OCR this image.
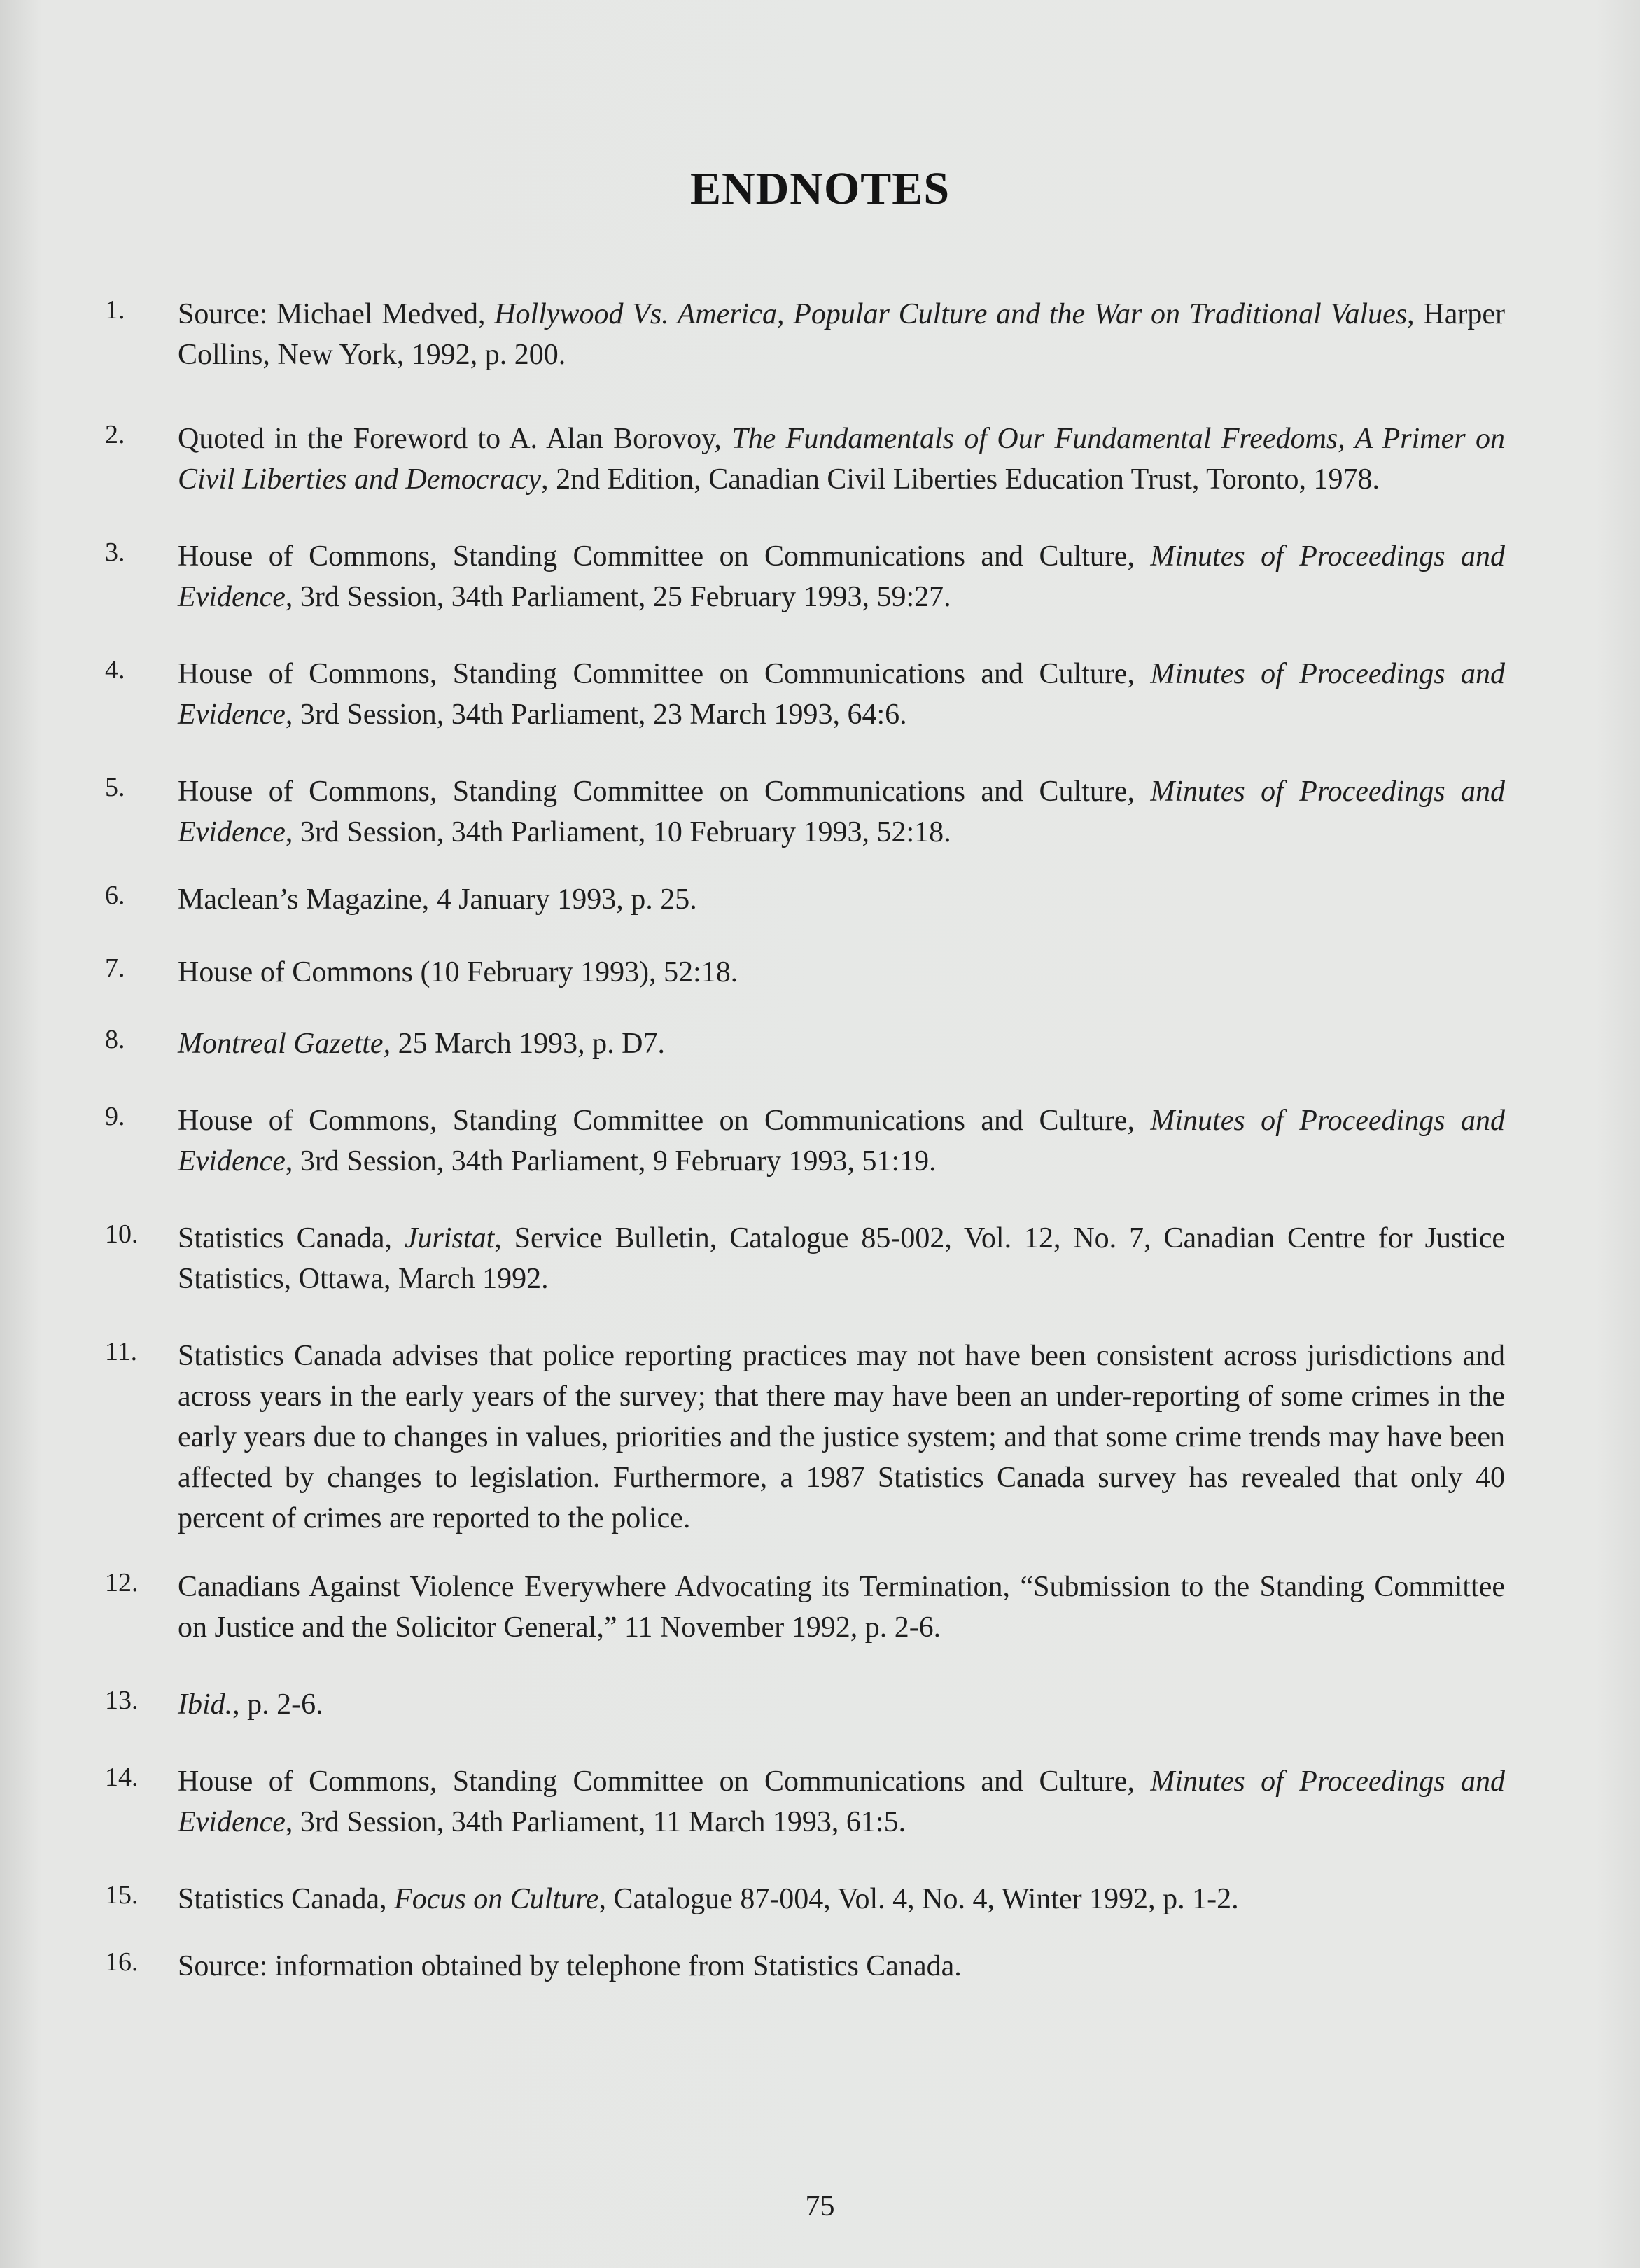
ENDNOTES
1. Source: Michael Medved, Hollywood Vs. America, Popular Culture and the War on Traditional Values, Harper Collins, New York, 1992, p. 200.
2. Quoted in the Foreword to A. Alan Borovoy, The Fundamentals of Our Fundamental Freedoms, A Primer on Civil Liberties and Democracy, 2nd Edition, Canadian Civil Liberties Education Trust, Toronto, 1978.
3. House of Commons, Standing Committee on Communications and Culture, Minutes of Proceedings and Evidence, 3rd Session, 34th Parliament, 25 February 1993, 59:27.
4. House of Commons, Standing Committee on Communications and Culture, Minutes of Proceedings and Evidence, 3rd Session, 34th Parliament, 23 March 1993, 64:6.
5. House of Commons, Standing Committee on Communications and Culture, Minutes of Proceedings and Evidence, 3rd Session, 34th Parliament, 10 February 1993, 52:18.
6. Maclean’s Magazine, 4 January 1993, p. 25.
7. House of Commons (10 February 1993), 52:18.
8. Montreal Gazette, 25 March 1993, p. D7.
9. House of Commons, Standing Committee on Communications and Culture, Minutes of Proceedings and Evidence, 3rd Session, 34th Parliament, 9 February 1993, 51:19.
10. Statistics Canada, Juristat, Service Bulletin, Catalogue 85-002, Vol. 12, No. 7, Canadian Centre for Justice Statistics, Ottawa, March 1992.
11. Statistics Canada advises that police reporting practices may not have been consistent across jurisdictions and across years in the early years of the survey; that there may have been an under-reporting of some crimes in the early years due to changes in values, priorities and the justice system; and that some crime trends may have been affected by changes to legislation. Furthermore, a 1987 Statistics Canada survey has revealed that only 40 percent of crimes are reported to the police.
12. Canadians Against Violence Everywhere Advocating its Termination, “Submission to the Standing Committee on Justice and the Solicitor General,” 11 November 1992, p. 2-6.
13. Ibid., p. 2-6.
14. House of Commons, Standing Committee on Communications and Culture, Minutes of Proceedings and Evidence, 3rd Session, 34th Parliament, 11 March 1993, 61:5.
15. Statistics Canada, Focus on Culture, Catalogue 87-004, Vol. 4, No. 4, Winter 1992, p. 1-2.
16. Source: information obtained by telephone from Statistics Canada.
75
